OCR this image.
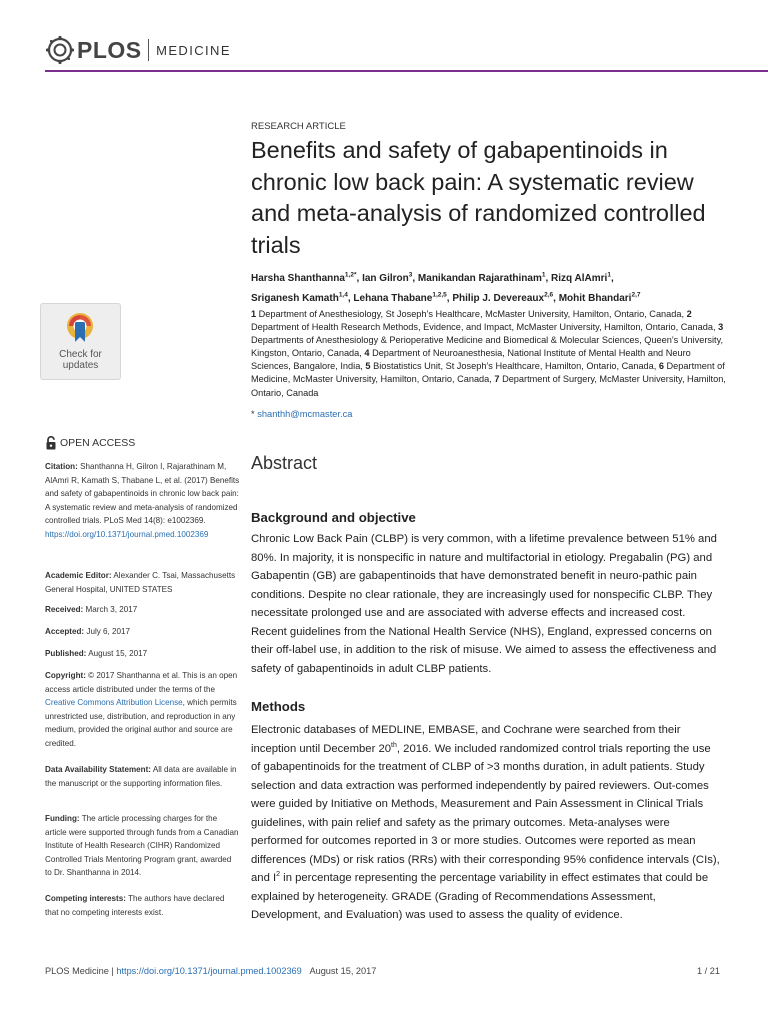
PLOS MEDICINE
RESEARCH ARTICLE
Benefits and safety of gabapentinoids in chronic low back pain: A systematic review and meta-analysis of randomized controlled trials
Harsha Shanthanna$^{1,2*}$, Ian Gilron$^3$, Manikandan Rajarathinam$^1$, Rizq AlAmri$^1$,
Sriganesh Kamath$^{1,4}$, Lehana Thabane$^{1,2,5}$, Philip J. Devereaux$^{2,6}$, Mohit Bhandari$^{2,7}$
1 Department of Anesthesiology, St Joseph’s Healthcare, McMaster University, Hamilton, Ontario, Canada, 2 Department of Health Research Methods, Evidence, and Impact, McMaster University, Hamilton, Ontario, Canada, 3 Departments of Anesthesiology & Perioperative Medicine and Biomedical & Molecular Sciences, Queen’s University, Kingston, Ontario, Canada, 4 Department of Neuroanesthesia, National Institute of Mental Health and Neuro Sciences, Bangalore, India, 5 Biostatistics Unit, St Joseph’s Healthcare, Hamilton, Ontario, Canada, 6 Department of Medicine, McMaster University, Hamilton, Ontario, Canada, 7 Department of Surgery, McMaster University, Hamilton, Ontario, Canada
* shanthh@mcmaster.ca
Check for
updates
OPEN ACCESS
Citation: Shanthanna H, Gilron I, Rajarathinam M, AlAmri R, Kamath S, Thabane L, et al. (2017) Benefits and safety of gabapentinoids in chronic low back pain: A systematic review and meta-analysis of randomized controlled trials. PLoS Med 14(8): e1002369. https://doi.org/10.1371/journal.pmed.1002369
Academic Editor: Alexander C. Tsai, Massachusetts General Hospital, UNITED STATES
Received: March 3, 2017
Accepted: July 6, 2017
Published: August 15, 2017
Copyright: © 2017 Shanthanna et al. This is an open access article distributed under the terms of the Creative Commons Attribution License, which permits unrestricted use, distribution, and reproduction in any medium, provided the original author and source are credited.
Data Availability Statement: All data are available in the manuscript or the supporting information files.
Funding: The article processing charges for the article were supported through funds from a Canadian Institute of Health Research (CIHR) Randomized Controlled Trials Mentoring Program grant, awarded to Dr. Shanthanna in 2014.
Competing interests: The authors have declared that no competing interests exist.
Abstract
Background and objective

Chronic Low Back Pain (CLBP) is very common, with a lifetime prevalence between 51% and 80%. In majority, it is nonspecific in nature and multifactorial in etiology. Pregabalin (PG) and Gabapentin (GB) are gabapentinoids that have demonstrated benefit in neuro-pathic pain conditions. Despite no clear rationale, they are increasingly used for nonspecific CLBP. They necessitate prolonged use and are associated with adverse effects and increased cost. Recent guidelines from the National Health Service (NHS), England, expressed concerns on their off-label use, in addition to the risk of misuse. We aimed to assess the effectiveness and safety of gabapentinoids in adult CLBP patients.

Methods

Electronic databases of MEDLINE, EMBASE, and Cochrane were searched from their inception until December 20th, 2016. We included randomized control trials reporting the use of gabapentinoids for the treatment of CLBP of >3 months duration, in adult patients. Study selection and data extraction was performed independently by paired reviewers. Out-comes were guided by Initiative on Methods, Measurement and Pain Assessment in Clinical Trials guidelines, with pain relief and safety as the primary outcomes. Meta-analyses were performed for outcomes reported in 3 or more studies. Outcomes were reported as mean differences (MDs) or risk ratios (RRs) with their corresponding 95% confidence intervals (CIs), and $I^2$ in percentage representing the percentage variability in effect estimates that could be explained by heterogeneity. GRADE (Grading of Recommendations Assessment, Development, and Evaluation) was used to assess the quality of evidence.

PLOS Medicine | https://doi.org/10.1371/journal.pmed.1002369 August 15, 2017	1 / 21
